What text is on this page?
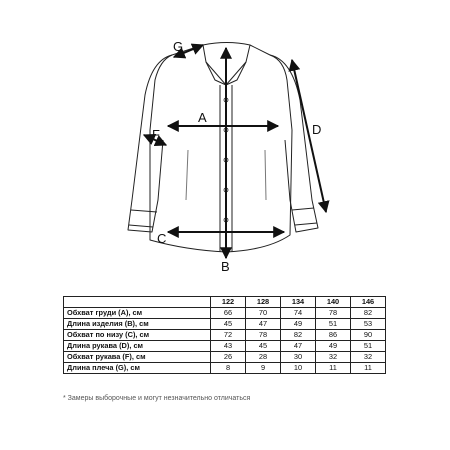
A
B
C
D
F
G
	122	128	134	140	146
Обхват груди (A), см	66	70	74	78	82
Длина изделия (B), см	45	47	49	51	53
Обхват по низу (C), см	72	78	82	86	90
Длина рукава (D), см	43	45	47	49	51
Обхват рукава (F), см	26	28	30	32	32
Длина плеча (G), см	8	9	10	11	11
* Замеры выборочные и могут незначительно отличаться
